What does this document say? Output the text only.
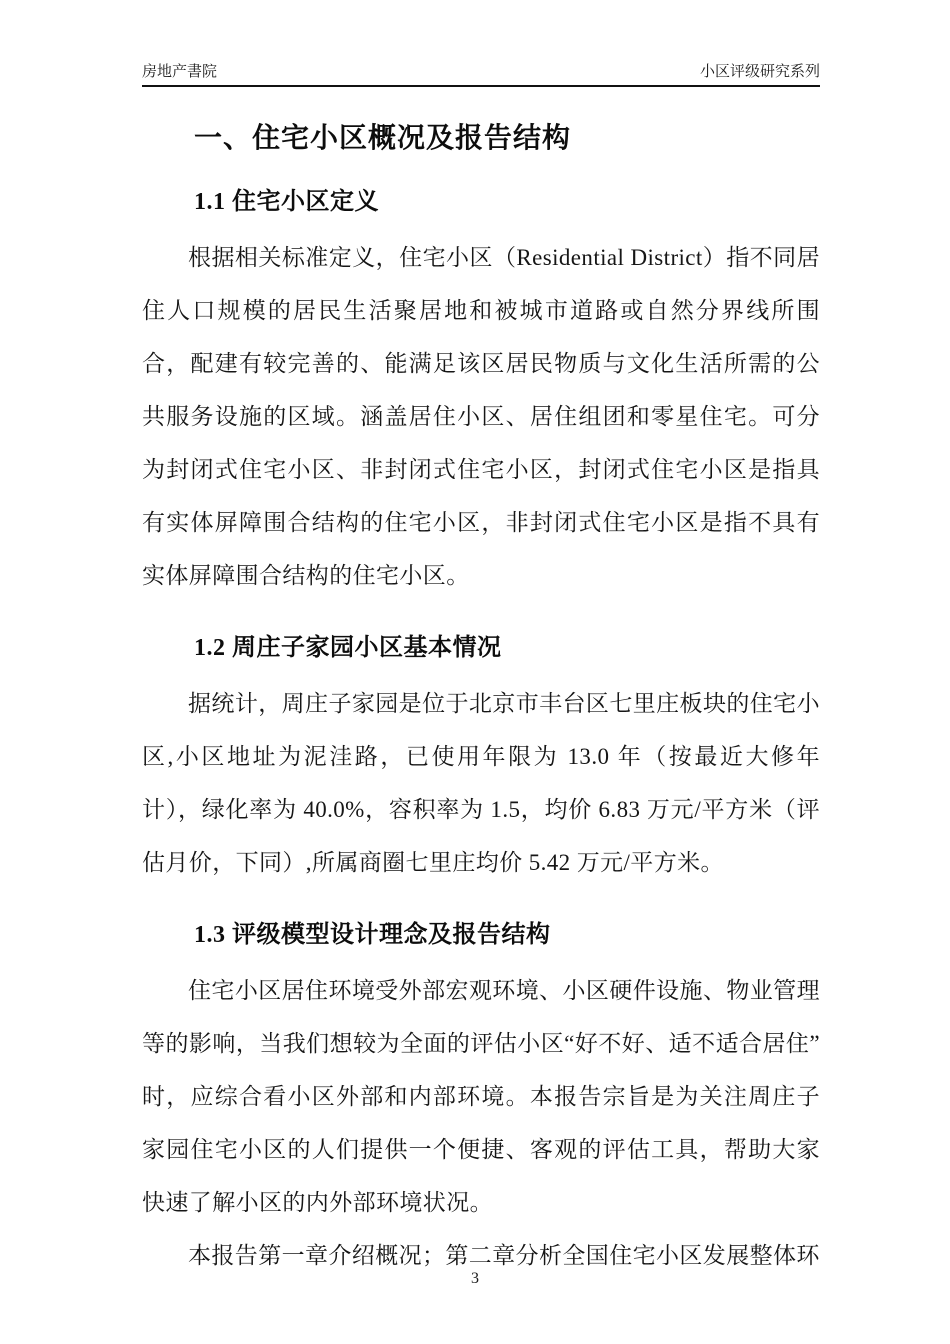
房地产書院	小区评级研究系列
一、住宅小区概况及报告结构
1.1 住宅小区定义

根据相关标准定义，住宅小区（Residential District）指不同居住人口规模的居民生活聚居地和被城市道路或自然分界线所围合，配建有较完善的、能满足该区居民物质与文化生活所需的公共服务设施的区域。涵盖居住小区、居住组团和零星住宅。可分为封闭式住宅小区、非封闭式住宅小区，封闭式住宅小区是指具有实体屏障围合结构的住宅小区，非封闭式住宅小区是指不具有实体屏障围合结构的住宅小区。

1.2 周庄子家园小区基本情况

据统计，周庄子家园是位于北京市丰台区七里庄板块的住宅小区,小区地址为泥洼路，已使用年限为 13.0 年（按最近大修年计），绿化率为 40.0%，容积率为 1.5，均价 6.83 万元/平方米（评估月价，下同）,所属商圈七里庄均价 5.42 万元/平方米。

1.3 评级模型设计理念及报告结构

住宅小区居住环境受外部宏观环境、小区硬件设施、物业管理等的影响，当我们想较为全面的评估小区“好不好、适不适合居住”时，应综合看小区外部和内部环境。本报告宗旨是为关注周庄子家园住宅小区的人们提供一个便捷、客观的评估工具，帮助大家快速了解小区的内外部环境状况。

本报告第一章介绍概况；第二章分析全国住宅小区发展整体环

3
